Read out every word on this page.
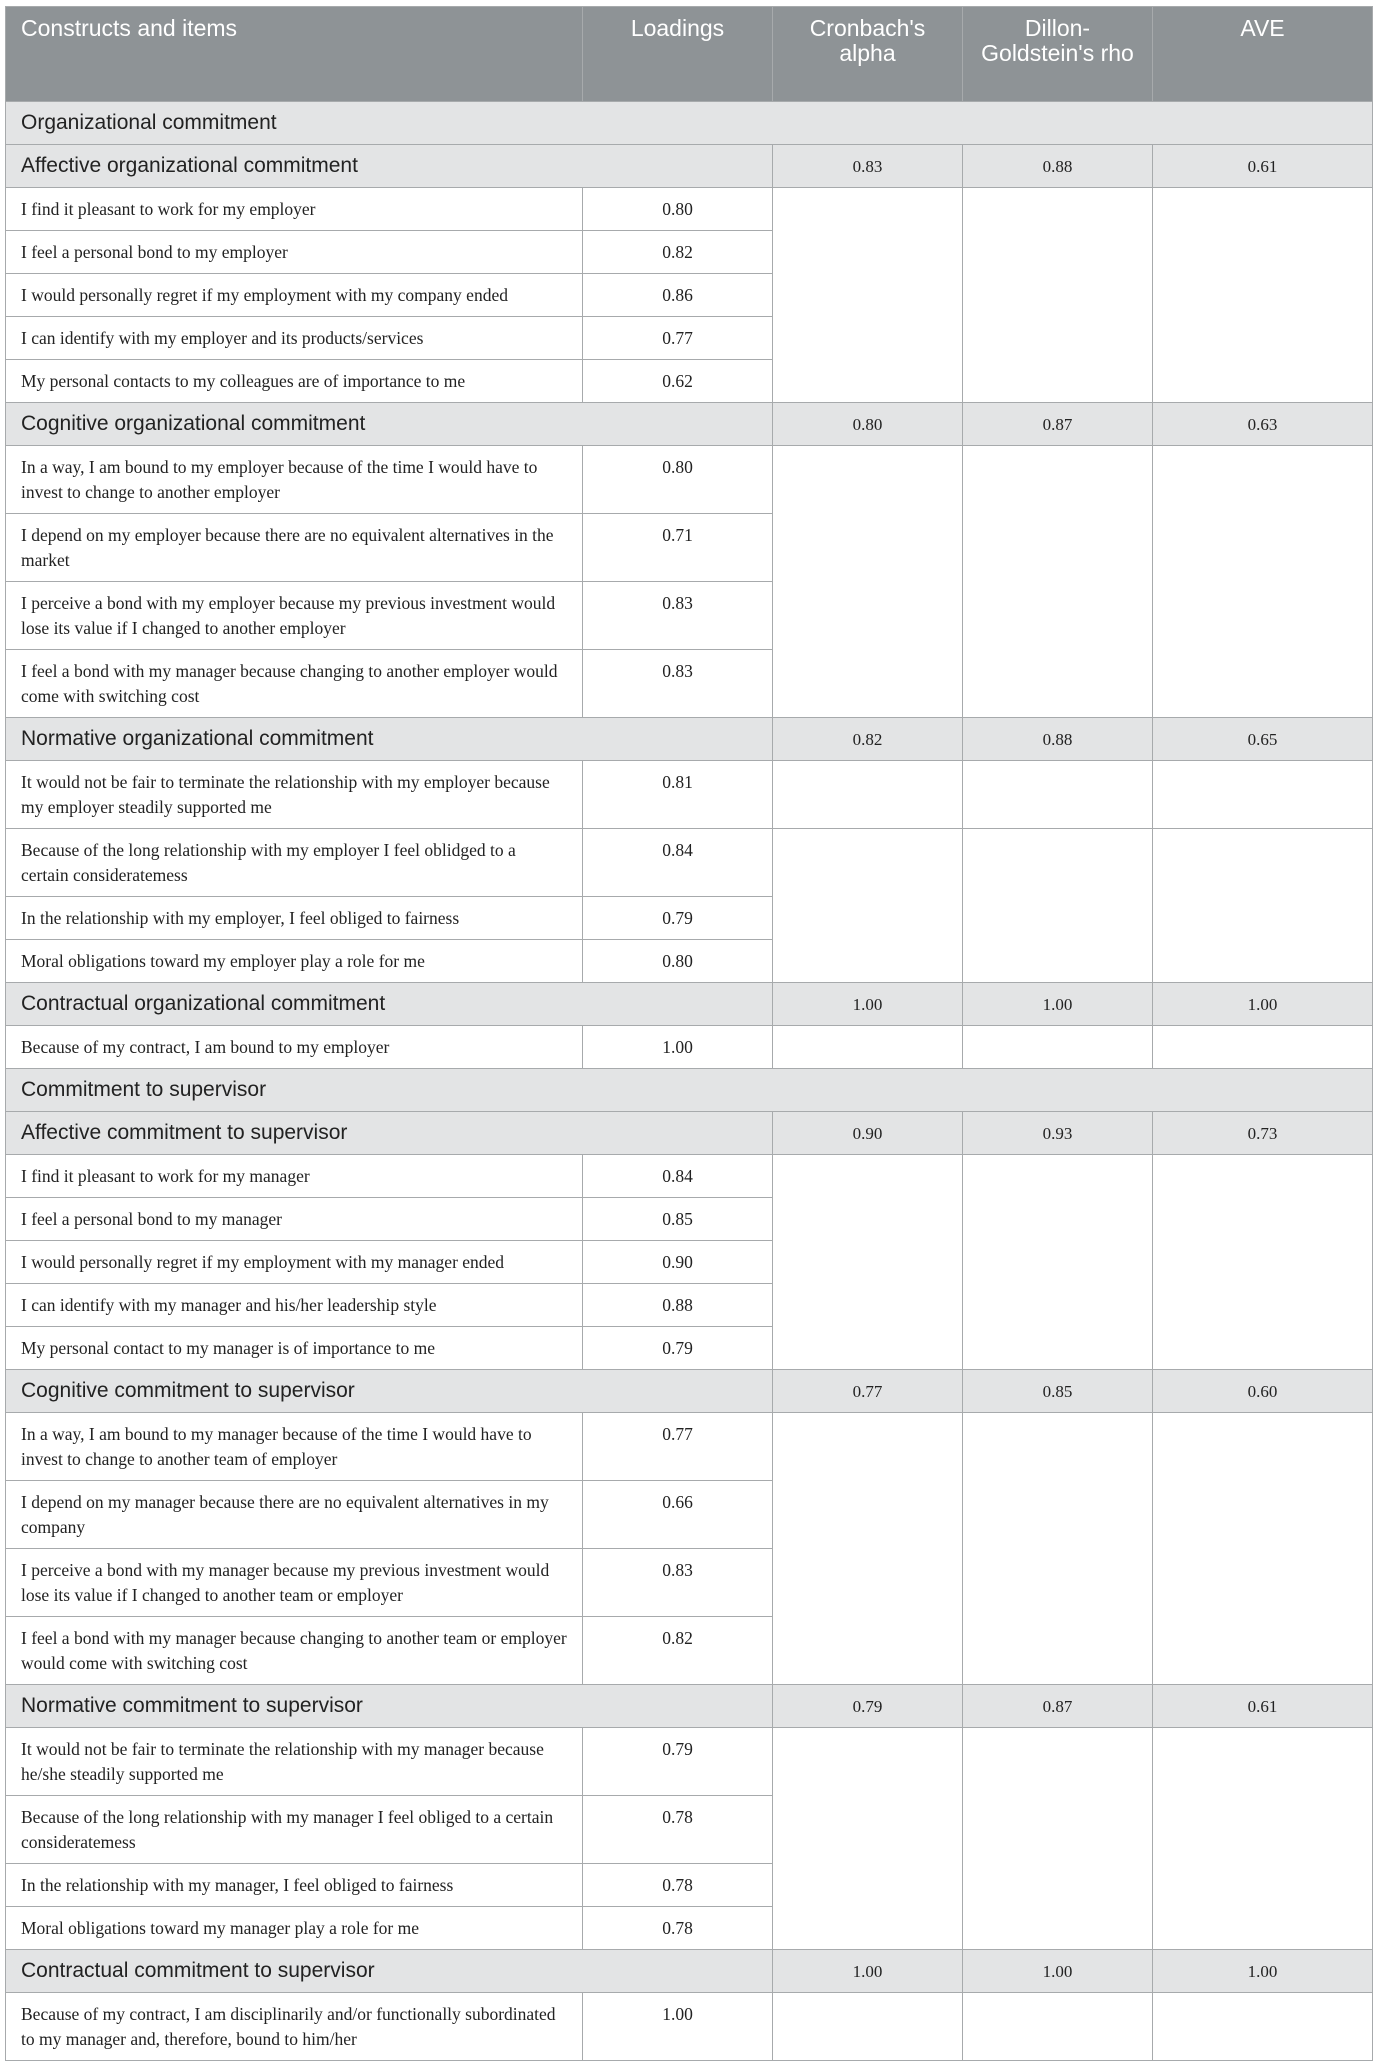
Constructs and items	Loadings	Cronbach's alpha	Dillon-Goldstein's rho	AVE
Organizational commitment				
Affective organizational commitment		0.83	0.88	0.61
I find it pleasant to work for my employer	0.80			
I feel a personal bond to my employer	0.82			
I would personally regret if my employment with my company ended	0.86			
I can identify with my employer and its products/services	0.77			
My personal contacts to my colleagues are of importance to me	0.62			
Cognitive organizational commitment		0.80	0.87	0.63
In a way, I am bound to my employer because of the time I would have to invest to change to another employer	0.80			
I depend on my employer because there are no equivalent alternatives in the market	0.71			
I perceive a bond with my employer because my previous investment would lose its value if I changed to another employer	0.83			
I feel a bond with my manager because changing to another employer would come with switching cost	0.83			
Normative organizational commitment		0.82	0.88	0.65
It would not be fair to terminate the relationship with my employer because my employer steadily supported me	0.81			
Because of the long relationship with my employer I feel oblidged to a certain consideratemess	0.84			
In the relationship with my employer, I feel obliged to fairness	0.79			
Moral obligations toward my employer play a role for me	0.80			
Contractual organizational commitment		1.00	1.00	1.00
Because of my contract, I am bound to my employer	1.00			
Commitment to supervisor				
Affective commitment to supervisor		0.90	0.93	0.73
I find it pleasant to work for my manager	0.84			
I feel a personal bond to my manager	0.85			
I would personally regret if my employment with my manager ended	0.90			
I can identify with my manager and his/her leadership style	0.88			
My personal contact to my manager is of importance to me	0.79			
Cognitive commitment to supervisor		0.77	0.85	0.60
In a way, I am bound to my manager because of the time I would have to invest to change to another team of employer	0.77			
I depend on my manager because there are no equivalent alternatives in my company	0.66			
I perceive a bond with my manager because my previous investment would lose its value if I changed to another team or employer	0.83			
I feel a bond with my manager because changing to another team or employer would come with switching cost	0.82			
Normative commitment to supervisor		0.79	0.87	0.61
It would not be fair to terminate the relationship with my manager because he/she steadily supported me	0.79			
Because of the long relationship with my manager I feel obliged to a certain consideratemess	0.78			
In the relationship with my manager, I feel obliged to fairness	0.78			
Moral obligations toward my manager play a role for me	0.78			
Contractual commitment to supervisor		1.00	1.00	1.00
Because of my contract, I am disciplinarily and/or functionally subordinated to my manager and, therefore, bound to him/her	1.00			
